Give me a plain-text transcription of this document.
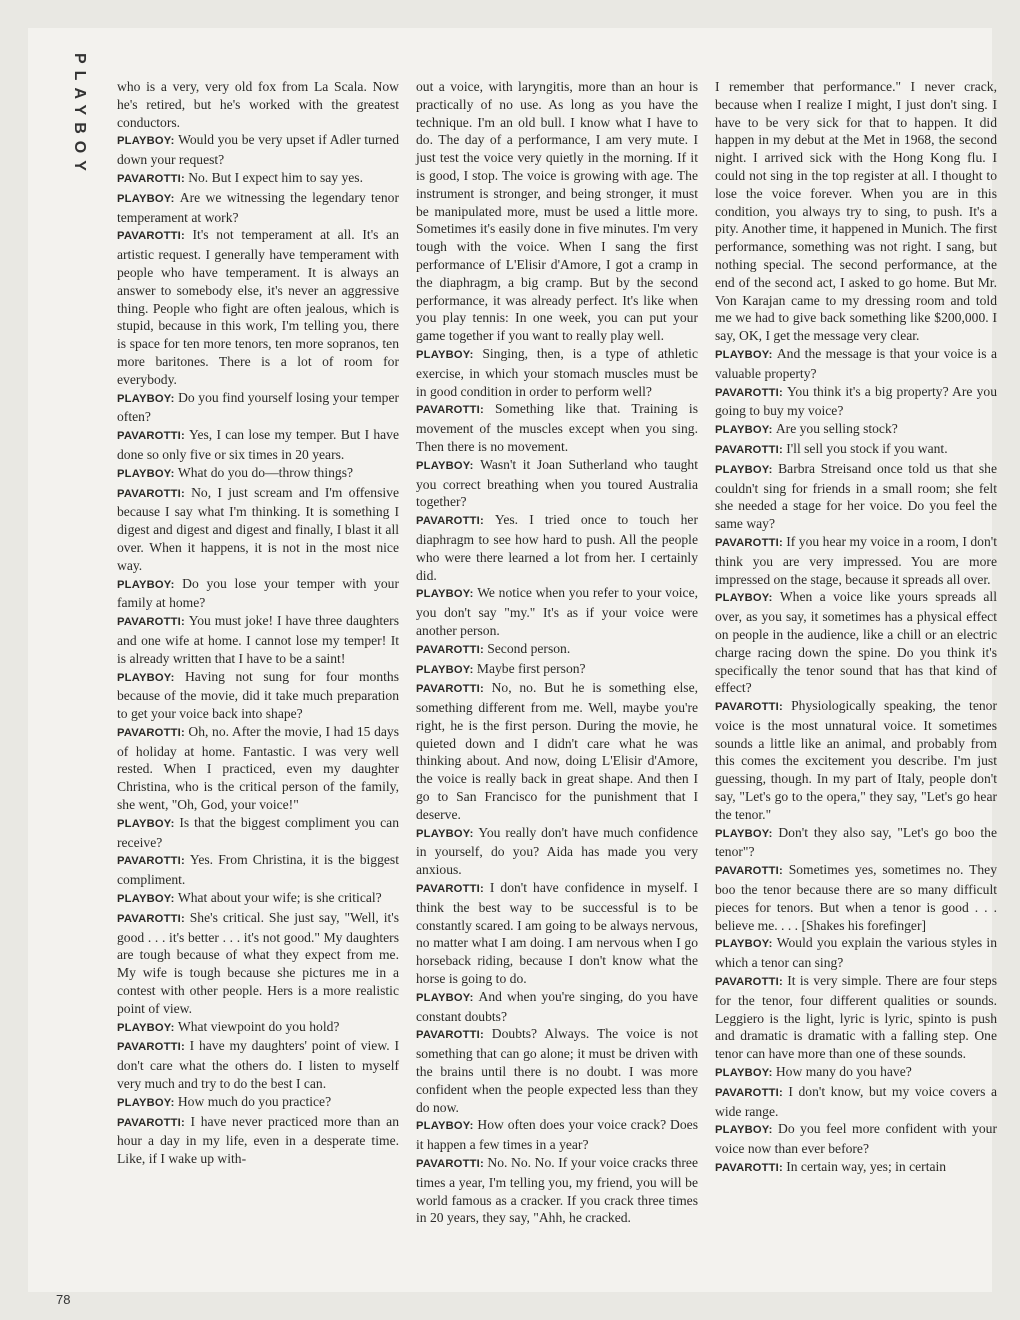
PLAYBOY who is a very, very old fox from La Scala. Now he's retired, but he's worked with the greatest conductors.

PLAYBOY: Would you be very upset if Adler turned down your request?

PAVAROTTI: No. But I expect him to say yes.

PLAYBOY: Are we witnessing the legendary tenor temperament at work?

PAVAROTTI: It's not temperament at all. It's an artistic request. I generally have temperament with people who have temperament. It is always an answer to somebody else, it's never an aggressive thing. People who fight are often jealous, which is stupid, because in this work, I'm telling you, there is space for ten more tenors, ten more sopranos, ten more baritones. There is a lot of room for everybody.

PLAYBOY: Do you find yourself losing your temper often?

PAVAROTTI: Yes, I can lose my temper. But I have done so only five or six times in 20 years.

PLAYBOY: What do you do—throw things?

PAVAROTTI: No, I just scream and I'm offensive because I say what I'm thinking. It is something I digest and digest and digest and finally, I blast it all over. When it happens, it is not in the most nice way.

PLAYBOY: Do you lose your temper with your family at home?

PAVAROTTI: You must joke! I have three daughters and one wife at home. I cannot lose my temper! It is already written that I have to be a saint!

PLAYBOY: Having not sung for four months because of the movie, did it take much preparation to get your voice back into shape?

PAVAROTTI: Oh, no. After the movie, I had 15 days of holiday at home. Fantastic. I was very well rested. When I practiced, even my daughter Christina, who is the critical person of the family, she went, "Oh, God, your voice!"

PLAYBOY: Is that the biggest compliment you can receive?

PAVAROTTI: Yes. From Christina, it is the biggest compliment.

PLAYBOY: What about your wife; is she critical?

PAVAROTTI: She's critical. She just say, "Well, it's good . . . it's better . . . it's not good." My daughters are tough because of what they expect from me. My wife is tough because she pictures me in a contest with other people. Hers is a more realistic point of view.

PLAYBOY: What viewpoint do you hold?

PAVAROTTI: I have my daughters' point of view. I don't care what the others do. I listen to myself very much and try to do the best I can.

PLAYBOY: How much do you practice?

PAVAROTTI: I have never practiced more than an hour a day in my life, even in a desperate time. Like, if I wake up with-

out a voice, with laryngitis, more than an hour is practically of no use. As long as you have the technique. I'm an old bull. I know what I have to do. The day of a performance, I am very mute. I just test the voice very quietly in the morning. If it is good, I stop. The voice is growing with age. The instrument is stronger, and being stronger, it must be manipulated more, must be used a little more. Sometimes it's easily done in five minutes. I'm very tough with the voice. When I sang the first performance of L'Elisir d'Amore, I got a cramp in the diaphragm, a big cramp. But by the second performance, it was already perfect. It's like when you play tennis: In one week, you can put your game together if you want to really play well.

PLAYBOY: Singing, then, is a type of athletic exercise, in which your stomach muscles must be in good condition in order to perform well?

PAVAROTTI: Something like that. Training is movement of the muscles except when you sing. Then there is no movement.

PLAYBOY: Wasn't it Joan Sutherland who taught you correct breathing when you toured Australia together?

PAVAROTTI: Yes. I tried once to touch her diaphragm to see how hard to push. All the people who were there learned a lot from her. I certainly did.

PLAYBOY: We notice when you refer to your voice, you don't say "my." It's as if your voice were another person.

PAVAROTTI: Second person.

PLAYBOY: Maybe first person?

PAVAROTTI: No, no. But he is something else, something different from me. Well, maybe you're right, he is the first person. During the movie, he quieted down and I didn't care what he was thinking about. And now, doing L'Elisir d'Amore, the voice is really back in great shape. And then I go to San Francisco for the punishment that I deserve.

PLAYBOY: You really don't have much confidence in yourself, do you? Aida has made you very anxious.

PAVAROTTI: I don't have confidence in myself. I think the best way to be successful is to be constantly scared. I am going to be always nervous, no matter what I am doing. I am nervous when I go horseback riding, because I don't know what the horse is going to do.

PLAYBOY: And when you're singing, do you have constant doubts?

PAVAROTTI: Doubts? Always. The voice is not something that can go alone; it must be driven with the brains until there is no doubt. I was more confident when the people expected less than they do now.

PLAYBOY: How often does your voice crack? Does it happen a few times in a year?

PAVAROTTI: No. No. No. If your voice cracks three times a year, I'm telling you, my friend, you will be world famous as a cracker. If you crack three times in 20 years, they say, "Ahh, he cracked.

I remember that performance." I never crack, because when I realize I might, I just don't sing. I have to be very sick for that to happen. It did happen in my debut at the Met in 1968, the second night. I arrived sick with the Hong Kong flu. I could not sing in the top register at all. I thought to lose the voice forever. When you are in this condition, you always try to sing, to push. It's a pity. Another time, it happened in Munich. The first performance, something was not right. I sang, but nothing special. The second performance, at the end of the second act, I asked to go home. But Mr. Von Karajan came to my dressing room and told me we had to give back something like $200,000. I say, OK, I get the message very clear.

PLAYBOY: And the message is that your voice is a valuable property?

PAVAROTTI: You think it's a big property? Are you going to buy my voice?

PLAYBOY: Are you selling stock?

PAVAROTTI: I'll sell you stock if you want.

PLAYBOY: Barbra Streisand once told us that she couldn't sing for friends in a small room; she felt she needed a stage for her voice. Do you feel the same way?

PAVAROTTI: If you hear my voice in a room, I don't think you are very impressed. You are more impressed on the stage, because it spreads all over.

PLAYBOY: When a voice like yours spreads all over, as you say, it sometimes has a physical effect on people in the audience, like a chill or an electric charge racing down the spine. Do you think it's specifically the tenor sound that has that kind of effect?

PAVAROTTI: Physiologically speaking, the tenor voice is the most unnatural voice. It sometimes sounds a little like an animal, and probably from this comes the excitement you describe. I'm just guessing, though. In my part of Italy, people don't say, "Let's go to the opera," they say, "Let's go hear the tenor."

PLAYBOY: Don't they also say, "Let's go boo the tenor"?

PAVAROTTI: Sometimes yes, sometimes no. They boo the tenor because there are so many difficult pieces for tenors. But when a tenor is good . . . believe me. . . . [Shakes his forefinger]

PLAYBOY: Would you explain the various styles in which a tenor can sing?

PAVAROTTI: It is very simple. There are four steps for the tenor, four different qualities or sounds. Leggiero is the light, lyric is lyric, spinto is push and dramatic is dramatic with a falling step. One tenor can have more than one of these sounds.

PLAYBOY: How many do you have?

PAVAROTTI: I don't know, but my voice covers a wide range.

PLAYBOY: Do you feel more confident with your voice now than ever before?

PAVAROTTI: In certain way, yes; in certain

78
